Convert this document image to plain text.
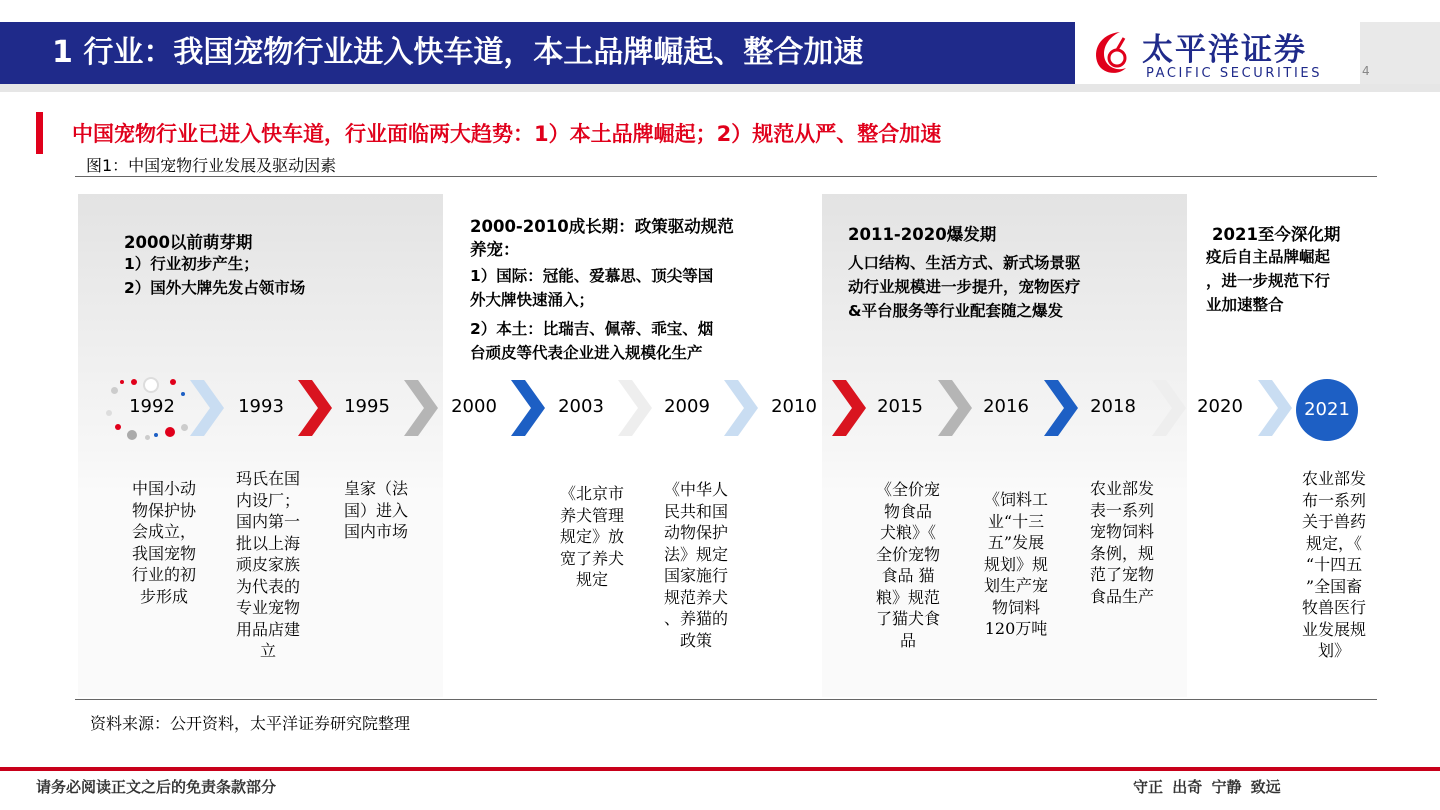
1 行业：我国宠物行业进入快车道，本土品牌崛起、整合加速	太平洋证券
PACIFIC SECURITIES	4
中国宠物行业已进入快车道，行业面临两大趋势：1）本土品牌崛起；2）规范从严、整合加速
图1：中国宠物行业发展及驱动因素
2000以前萌芽期
1）行业初步产生；
2）国外大牌先发占领市场
2000-2010成长期：政策驱动规范
养宠：
1）国际：冠能、爱慕思、顶尖等国
外大牌快速涌入；
2）本土：比瑞吉、佩蒂、乖宝、烟
台顽皮等代表企业进入规模化生产
2011-2020爆发期
人口结构、生活方式、新式场景驱
动行业规模进一步提升，宠物医疗
&平台服务等行业配套随之爆发
2021至今深化期
疫后自主品牌崛起
，进一步规范下行
业加速整合
1992	1993	1995	2000	2003	2009	2010	2015	2016	2018	2020	2021
中国小动
物保护协
会成立，
我国宠物
行业的初
步形成
玛氏在国
内设厂；
国内第一
批以上海
顽皮家族
为代表的
专业宠物
用品店建
立
皇家（法
国）进入
国内市场
《北京市
养犬管理
规定》放
宽了养犬
规定
《中华人
民共和国
动物保护
法》规定
国家施行
规范养犬
、养猫的
政策
《全价宠
物食品
犬粮》《
全价宠物
食品 猫
粮》规范
了猫犬食
品
《饲料工
业“十三
五”发展
规划》规
划生产宠
物饲料
120万吨
农业部发
表一系列
宠物饲料
条例，规
范了宠物
食品生产
农业部发
布一系列
关于兽药
规定，《
“十四五
”全国畜
牧兽医行
业发展规
划》
资料来源：公开资料，太平洋证券研究院整理
请务必阅读正文之后的免责条款部分	守正 出奇 宁静 致远
